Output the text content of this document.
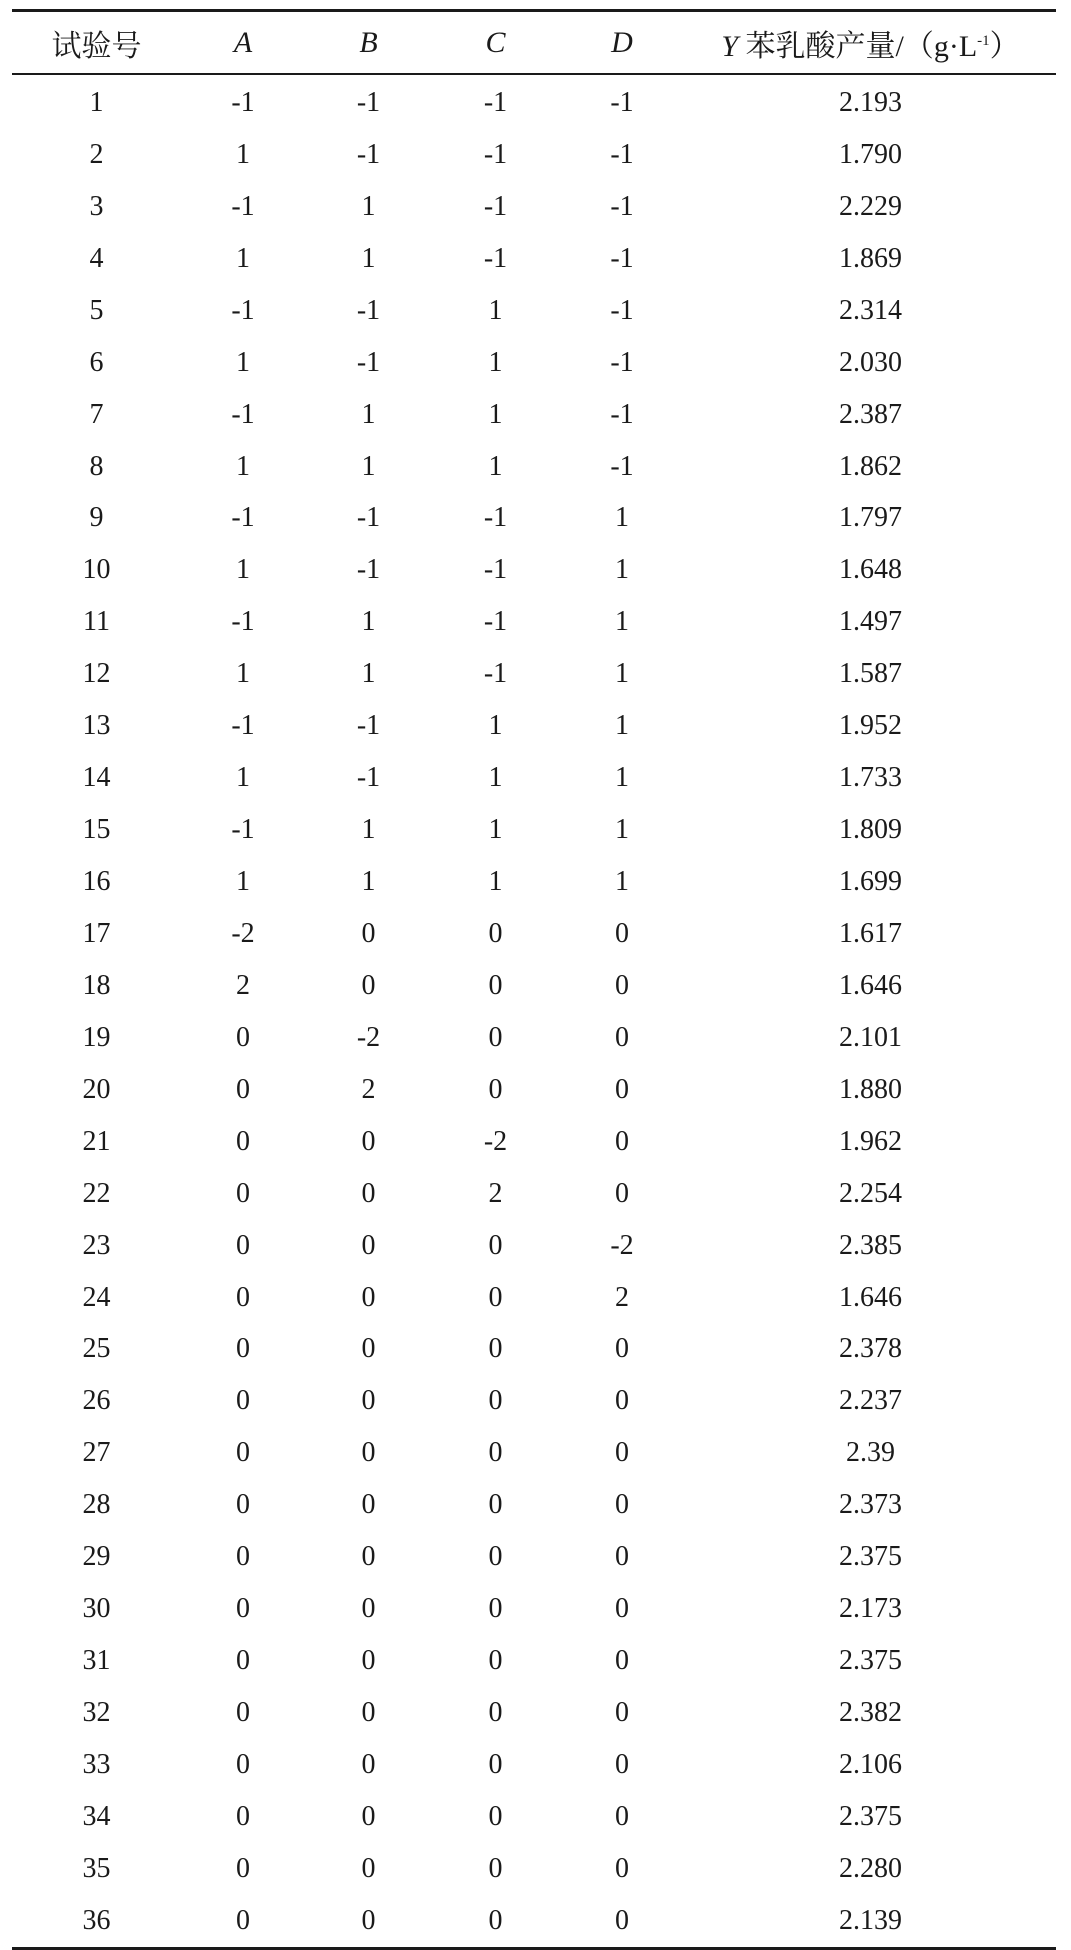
试验号	A	B	C	D	Y 苯乳酸产量$/(g\cdot L^{-1})$
1	-1	-1	-1	-1	2.193
2	1	-1	-1	-1	1.790
3	-1	1	-1	-1	2.229
4	1	1	-1	-1	1.869
5	-1	-1	1	-1	2.314
6	1	-1	1	-1	2.030
7	-1	1	1	-1	2.387
8	1	1	1	-1	1.862
9	-1	-1	-1	1	1.797
10	1	-1	-1	1	1.648
11	-1	1	-1	1	1.497
12	1	1	-1	1	1.587
13	-1	-1	1	1	1.952
14	1	-1	1	1	1.733
15	-1	1	1	1	1.809
16	1	1	1	1	1.699
17	-2	0	0	0	1.617
18	2	0	0	0	1.646
19	0	-2	0	0	2.101
20	0	2	0	0	1.880
21	0	0	-2	0	1.962
22	0	0	2	0	2.254
23	0	0	0	-2	2.385
24	0	0	0	2	1.646
25	0	0	0	0	2.378
26	0	0	0	0	2.237
27	0	0	0	0	2.39
28	0	0	0	0	2.373
29	0	0	0	0	2.375
30	0	0	0	0	2.173
31	0	0	0	0	2.375
32	0	0	0	0	2.382
33	0	0	0	0	2.106
34	0	0	0	0	2.375
35	0	0	0	0	2.280
36	0	0	0	0	2.139
